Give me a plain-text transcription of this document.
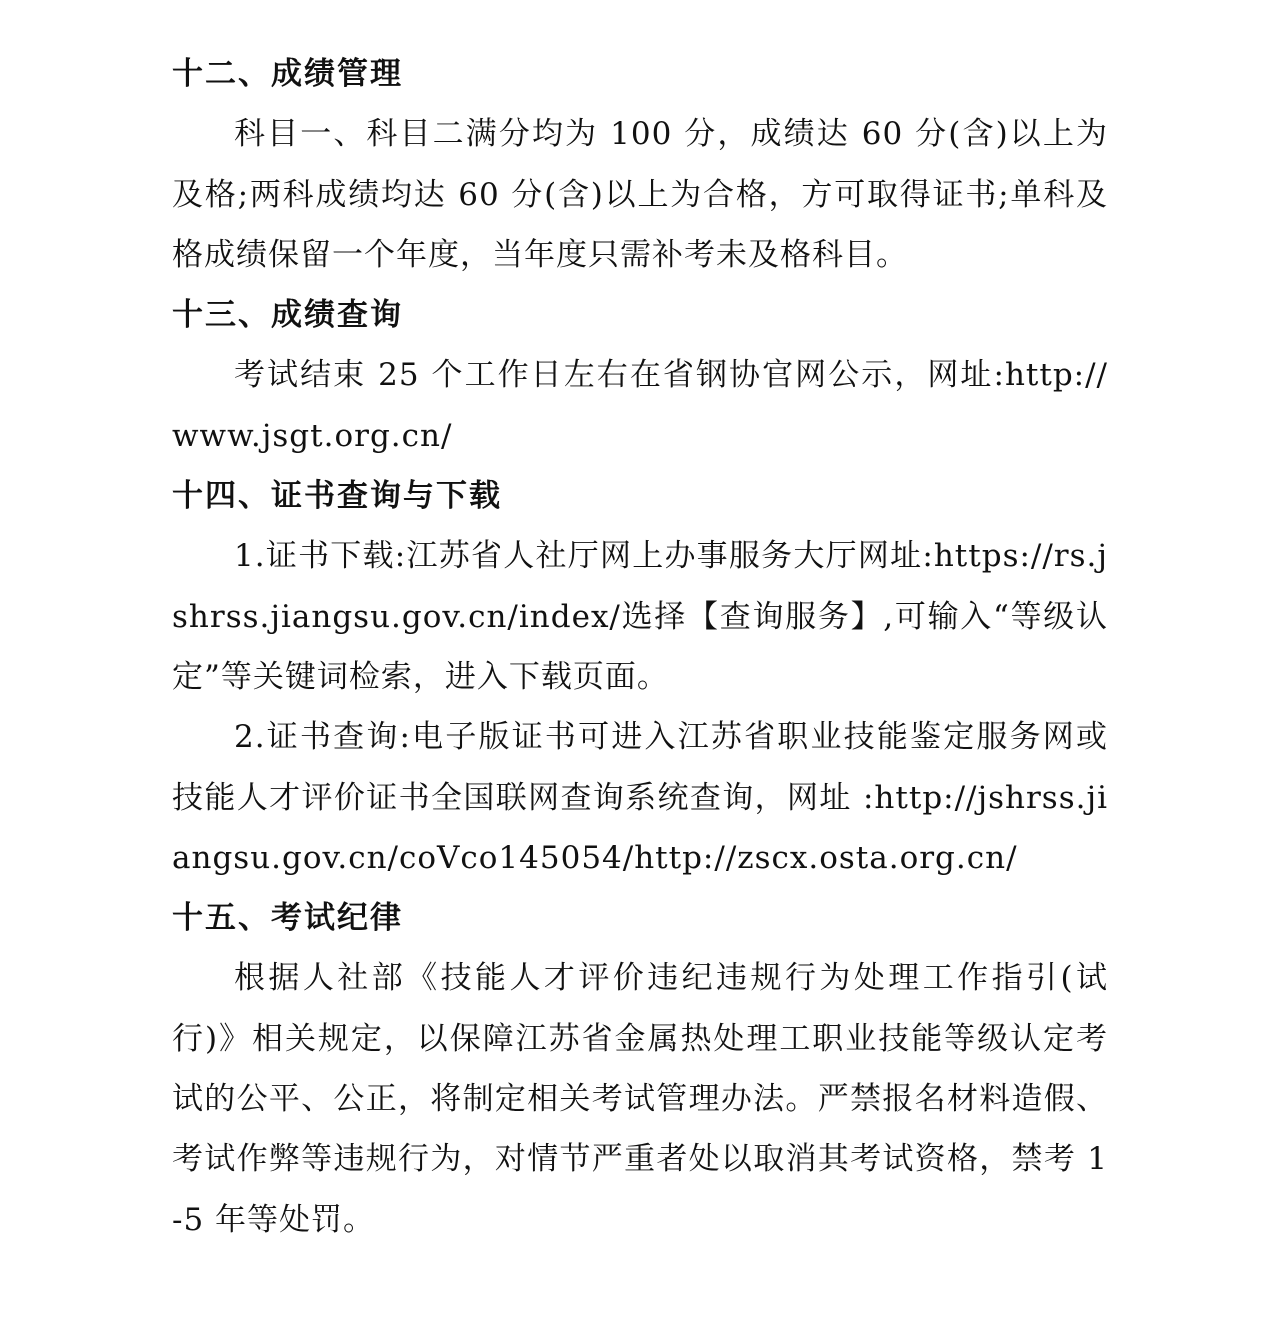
十二、成绩管理

科目一、科目二满分均为 100 分，成绩达 60 分(含)以上为及格;两科成绩均达 60 分(含)以上为合格，方可取得证书;单科及格成绩保留一个年度，当年度只需补考未及格科目。

十三、成绩查询

考试结束 25 个工作日左右在省钢协官网公示，网址:http://www.jsgt.org.cn/

十四、证书查询与下载

1.证书下载:江苏省人社厅网上办事服务大厅网址:https://rs.jshrss.jiangsu.gov.cn/index/选择【查询服务】,可输入“等级认定”等关键词检索，进入下载页面。

2.证书查询:电子版证书可进入江苏省职业技能鉴定服务网或技能人才评价证书全国联网查询系统查询，网址 :http://jshrss.jiangsu.gov.cn/coVco145054/http://zscx.osta.org.cn/

十五、考试纪律

根据人社部《技能人才评价违纪违规行为处理工作指引(试行)》相关规定，以保障江苏省金属热处理工职业技能等级认定考试的公平、公正，将制定相关考试管理办法。严禁报名材料造假、考试作弊等违规行为，对情节严重者处以取消其考试资格，禁考 1-5 年等处罚。
